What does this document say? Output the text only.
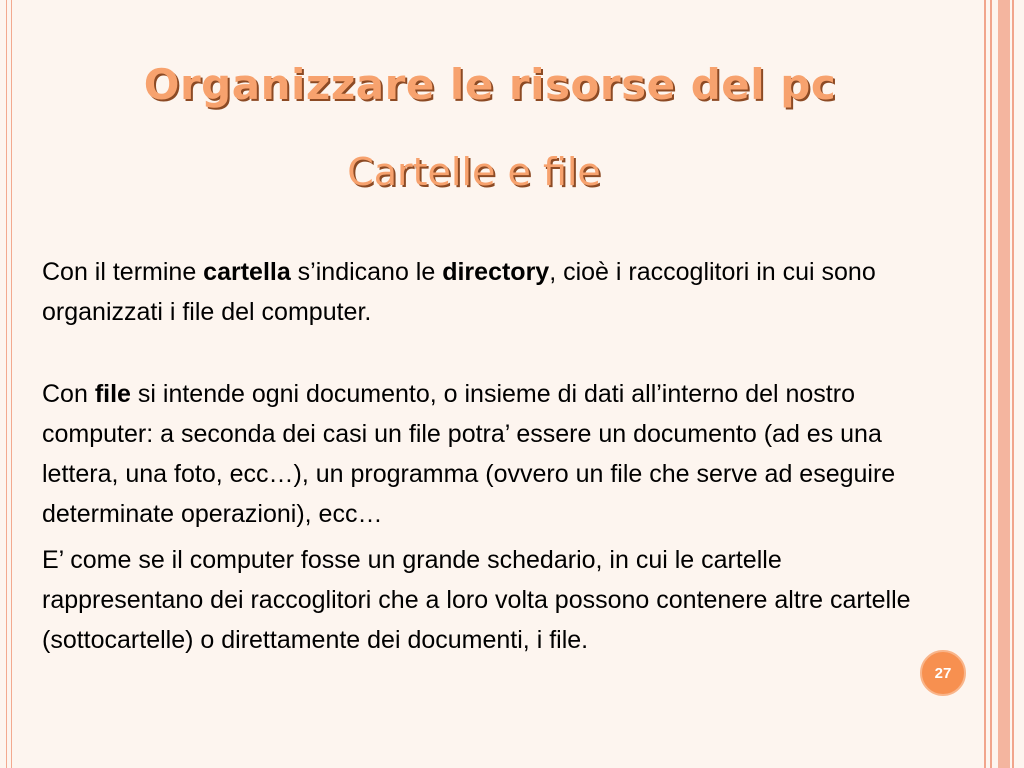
Organizzare le risorse del pc
Cartelle e file

Con il termine cartella s’indicano le directory, cioè i raccoglitori in cui sono organizzati i file del computer.

Con file si intende ogni documento, o insieme di dati all’interno del nostro computer: a seconda dei casi un file potra’ essere un documento (ad es una lettera, una foto, ecc…), un programma (ovvero un file che serve ad eseguire determinate operazioni), ecc…

E’ come se il computer fosse un grande schedario, in cui le cartelle rappresentano dei raccoglitori che a loro volta possono contenere altre cartelle (sottocartelle) o direttamente dei documenti, i file.

27
